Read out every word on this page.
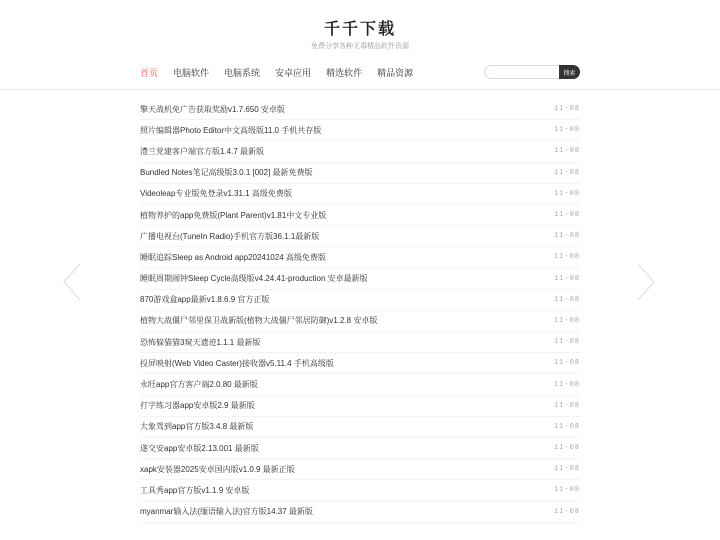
千千下载

免费分享各种无毒精品软件资源

首页 电脑软件 电脑系统 安卓应用 精选软件 精品资源	搜索
擎天战机免广告获取奖励v1.7.650 安卓版	11-08
照片编辑器Photo Editor中文高级版11.0 手机共存版	11-08
澧兰党建客户端官方版1.4.7 最新版	11-08
Bundled Notes笔记高级版3.0.1 [002] 最新免费版	11-08
Videoleap专业版免登录v1.31.1 高级免费版	11-08
植物养护的app免费版(Plant Parent)v1.81中文专业版	11-08
广播电视台(TuneIn Radio)手机官方版36.1.1最新版	11-08
睡眠追踪Sleep as Android app20241024 高级免费版	11-08
睡眠周期闹钟Sleep Cycle高级版v4.24.41-production 安卓最新版	11-08
870游戏盒app最新v1.8.6.9 官方正版	11-08
植物大战僵尸邻里保卫战新版(植物大战僵尸邻居防御)v1.2.8 安卓版	11-08
恐怖躲猫猫3窥天遗迹1.1.1 最新版	11-08
投屏映射(Web Video Caster)接收器v5.11.4 手机高级版	11-08
永旺app官方客户端2.0.80 最新版	11-08
打字练习器app安卓版2.9 最新版	11-08
大象驾到app官方版3.4.8 最新版	11-08
遂交安app安卓版2.13.001 最新版	11-08
xapk安装器2025安卓国内版v1.0.9 最新正版	11-08
工具秀app官方版v1.1.9 安卓版	11-08
myanmar输入法(缅语输入法)官方版14.37 最新版	11-08
